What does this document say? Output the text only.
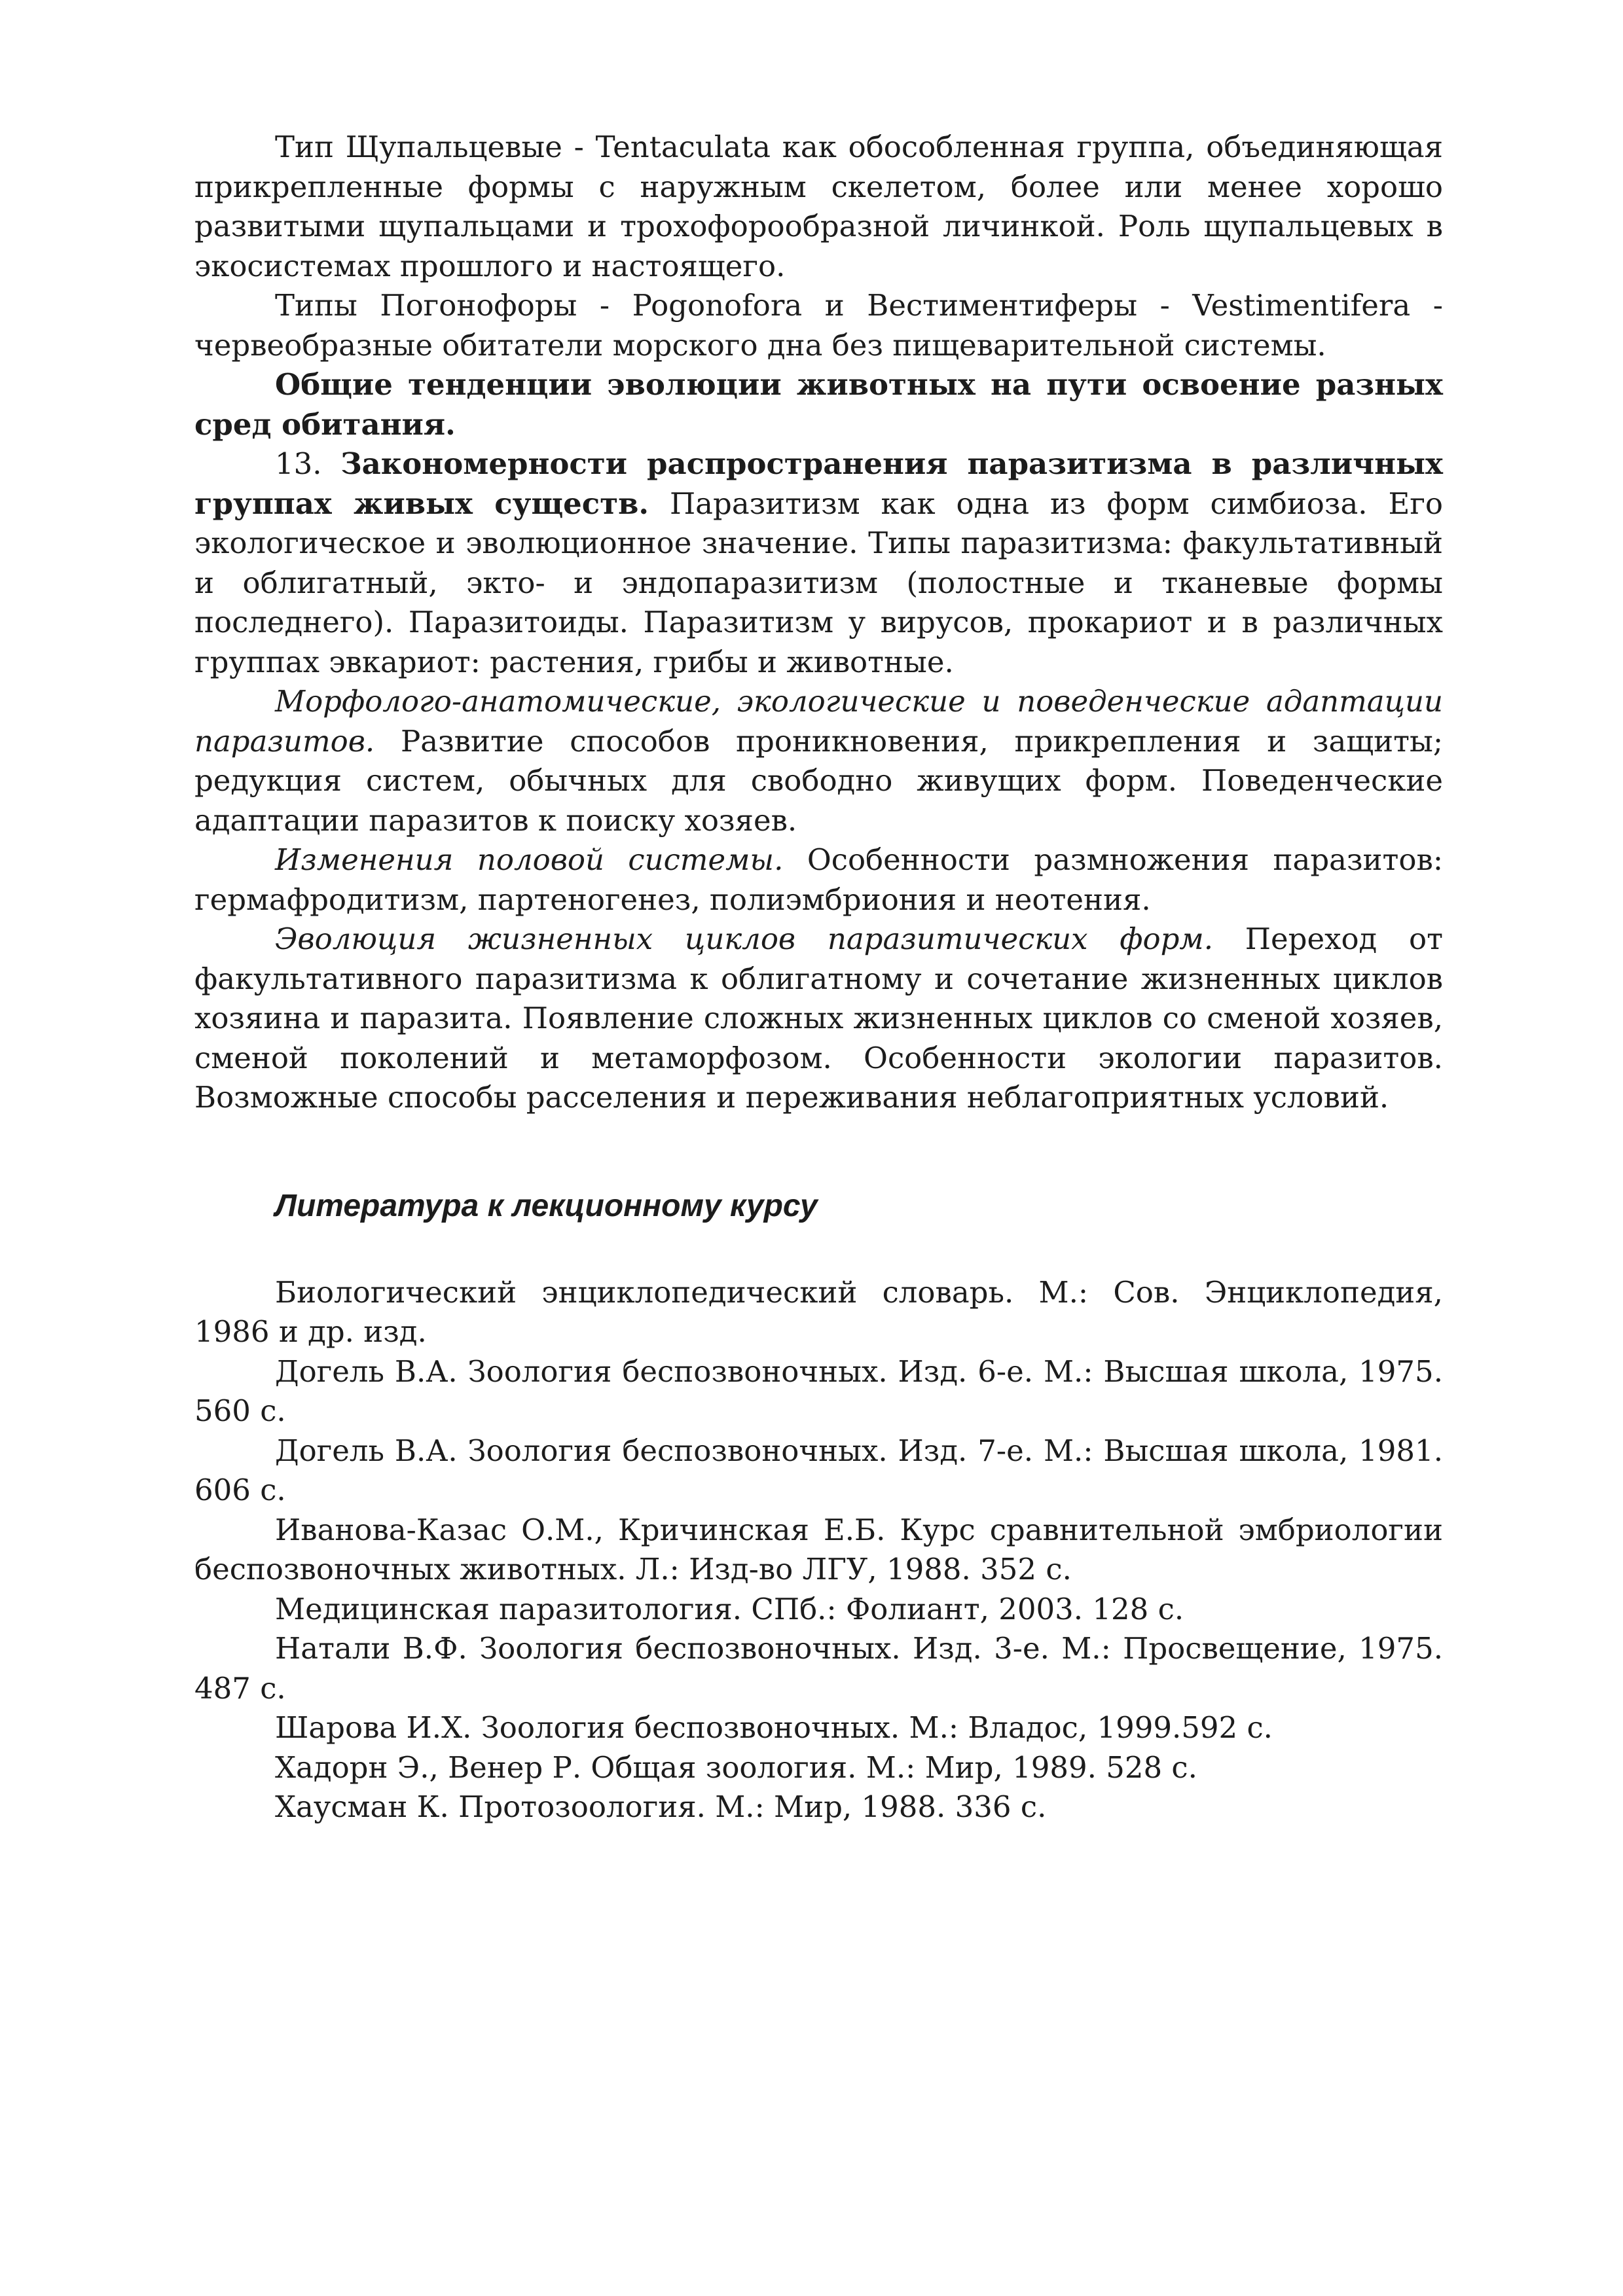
Тип Щупальцевые - Tentaculata как обособленная группа, объединяющая прикрепленные формы с наружным скелетом, более или менее хорошо развитыми щупальцами и трохофорообразной личинкой. Роль щупальцевых в экосистемах прошлого и настоящего.

Типы Погонофоры - Pogonofora и Вестиментиферы - Vestimentifera - червеобразные обитатели морского дна без пищеварительной системы.

Общие тенденции эволюции животных на пути освоение разных сред обитания.

13. Закономерности распространения паразитизма в различных группах живых существ. Паразитизм как одна из форм симбиоза. Его экологическое и эволюционное значение. Типы паразитизма: факультативный и облигатный, экто- и эндопаразитизм (полостные и тканевые формы последнего). Паразитоиды. Паразитизм у вирусов, прокариот и в различных группах эвкариот: растения, грибы и животные.

Морфолого-анатомические, экологические и поведенческие адаптации паразитов. Развитие способов проникновения, прикрепления и защиты; редукция систем, обычных для свободно живущих форм. Поведенческие адаптации паразитов к поиску хозяев.

Изменения половой системы. Особенности размножения паразитов: гермафродитизм, партеногенез, полиэмбриония и неотения.

Эволюция жизненных циклов паразитических форм. Переход от факультативного паразитизма к облигатному и сочетание жизненных циклов хозяина и паразита. Появление сложных жизненных циклов со сменой хозяев, сменой поколений и метаморфозом. Особенности экологии паразитов. Возможные способы расселения и переживания неблагоприятных условий.

Литература к лекционному курсу

Биологический энциклопедический словарь. М.: Сов. Энциклопедия, 1986 и др. изд.

Догель В.А. Зоология беспозвоночных. Изд. 6-е. М.: Высшая школа, 1975. 560 с.

Догель В.А. Зоология беспозвоночных. Изд. 7-е. М.: Высшая школа, 1981. 606 с.

Иванова-Казас О.М., Кричинская Е.Б. Курс сравнительной эмбриологии беспозвоночных животных. Л.: Изд-во ЛГУ, 1988. 352 с.

Медицинская паразитология. СПб.: Фолиант, 2003. 128 с.

Натали В.Ф. Зоология беспозвоночных. Изд. 3-е. М.: Просвещение, 1975. 487 с.

Шарова И.Х. Зоология беспозвоночных. М.: Владос, 1999.592 с.

Хадорн Э., Венер Р. Общая зоология. М.: Мир, 1989. 528 с.

Хаусман К. Протозоология. М.: Мир, 1988. 336 с.
